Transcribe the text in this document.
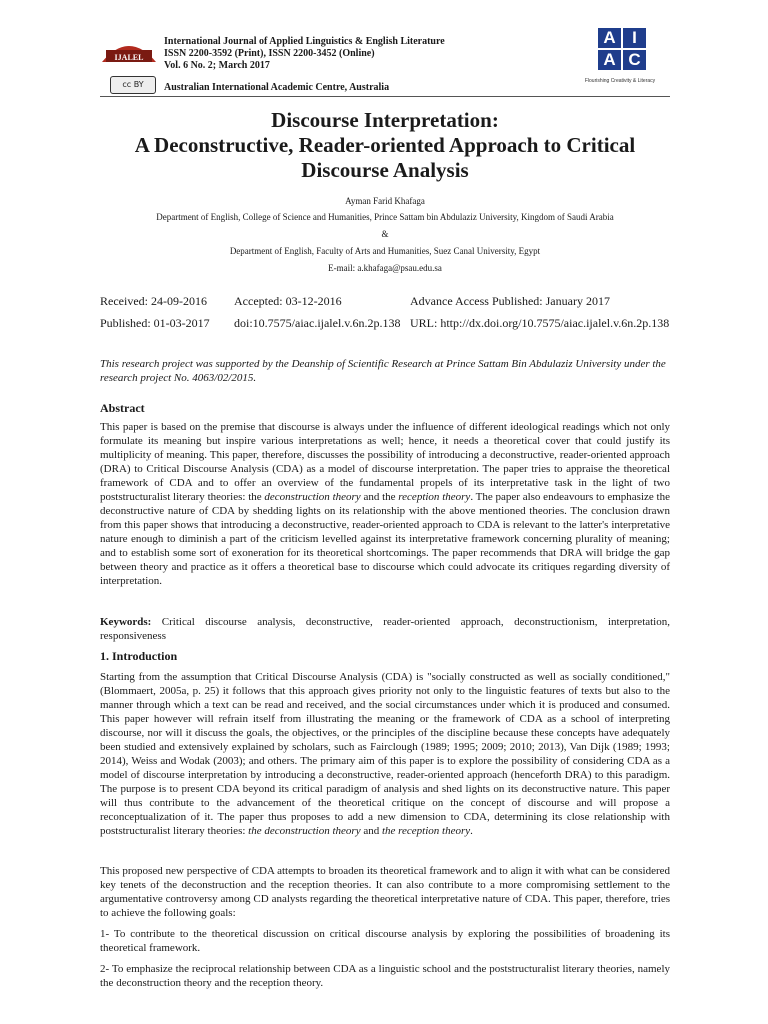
IJALEL
cc BY
International Journal of Applied Linguistics & English Literature
ISSN 2200-3592 (Print), ISSN 2200-3452 (Online)
Vol. 6 No. 2; March 2017
Australian International Academic Centre, Australia
A I
A C
Flourishing Creativity & Literacy
Discourse Interpretation:
A Deconstructive, Reader-oriented Approach to Critical
Discourse Analysis
Ayman Farid Khafaga
Department of English, College of Science and Humanities, Prince Sattam bin Abdulaziz University, Kingdom of Saudi Arabia
&
Department of English, Faculty of Arts and Humanities, Suez Canal University, Egypt
E-mail: a.khafaga@psau.edu.sa
Received: 24-09-2016 Accepted: 03-12-2016	Advance Access Published: January 2017
Published: 01-03-2017 doi:10.7575/aiac.ijalel.v.6n.2p.138 URL: http://dx.doi.org/10.7575/aiac.ijalel.v.6n.2p.138
This research project was supported by the Deanship of Scientific Research at Prince Sattam Bin Abdulaziz University under the research project No. 4063/02/2015.
Abstract
This paper is based on the premise that discourse is always under the influence of different ideological readings which not only formulate its meaning but inspire various interpretations as well; hence, it needs a theoretical cover that could justify its multiplicity of meaning. This paper, therefore, discusses the possibility of introducing a deconstructive, reader-oriented approach (DRA) to Critical Discourse Analysis (CDA) as a model of discourse interpretation. The paper tries to appraise the theoretical framework of CDA and to offer an overview of the fundamental propels of its interpretative task in the light of two poststructuralist literary theories: the deconstruction theory and the reception theory. The paper also endeavours to emphasize the deconstructive nature of CDA by shedding lights on its relationship with the above mentioned theories. The conclusion drawn from this paper shows that introducing a deconstructive, reader-oriented approach to CDA is relevant to the latter's interpretative nature enough to diminish a part of the criticism levelled against its interpretative framework concerning plurality of meaning; and to establish some sort of exoneration for its theoretical shortcomings. The paper recommends that DRA will bridge the gap between theory and practice as it offers a theoretical base to discourse which could advocate its critiques regarding diversity of interpretation.
Keywords: Critical discourse analysis, deconstructive, reader-oriented approach, deconstructionism, interpretation, responsiveness
1. Introduction
Starting from the assumption that Critical Discourse Analysis (CDA) is "socially constructed as well as socially conditioned," (Blommaert, 2005a, p. 25) it follows that this approach gives priority not only to the linguistic features of texts but also to the manner through which a text can be read and received, and the social circumstances under which it is produced and consumed. This paper however will refrain itself from illustrating the meaning or the framework of CDA as a school of interpreting discourse, nor will it discuss the goals, the objectives, or the principles of the discipline because these concepts have adequately been studied and extensively explained by scholars, such as Fairclough (1989; 1995; 2009; 2010; 2013), Van Dijk (1989; 1993; 2014), Weiss and Wodak (2003); and others. The primary aim of this paper is to explore the possibility of considering CDA as a model of discourse interpretation by introducing a deconstructive, reader-oriented approach (henceforth DRA) to this paradigm. The purpose is to present CDA beyond its critical paradigm of analysis and shed lights on its deconstructive nature. This paper will thus contribute to the advancement of the theoretical critique on the concept of discourse and will propose a reconceptualization of it. The paper thus proposes to add a new dimension to CDA, determining its close relationship with poststructuralist literary theories: the deconstruction theory and the reception theory.
This proposed new perspective of CDA attempts to broaden its theoretical framework and to align it with what can be considered key tenets of the deconstruction and the reception theories. It can also contribute to a more compromising settlement to the argumentative controversy among CD analysts regarding the theoretical interpretative nature of CDA. This paper, therefore, tries to achieve the following goals:
1- To contribute to the theoretical discussion on critical discourse analysis by exploring the possibilities of broadening its theoretical framework.
2- To emphasize the reciprocal relationship between CDA as a linguistic school and the poststructuralist literary theories, namely the deconstruction theory and the reception theory.
